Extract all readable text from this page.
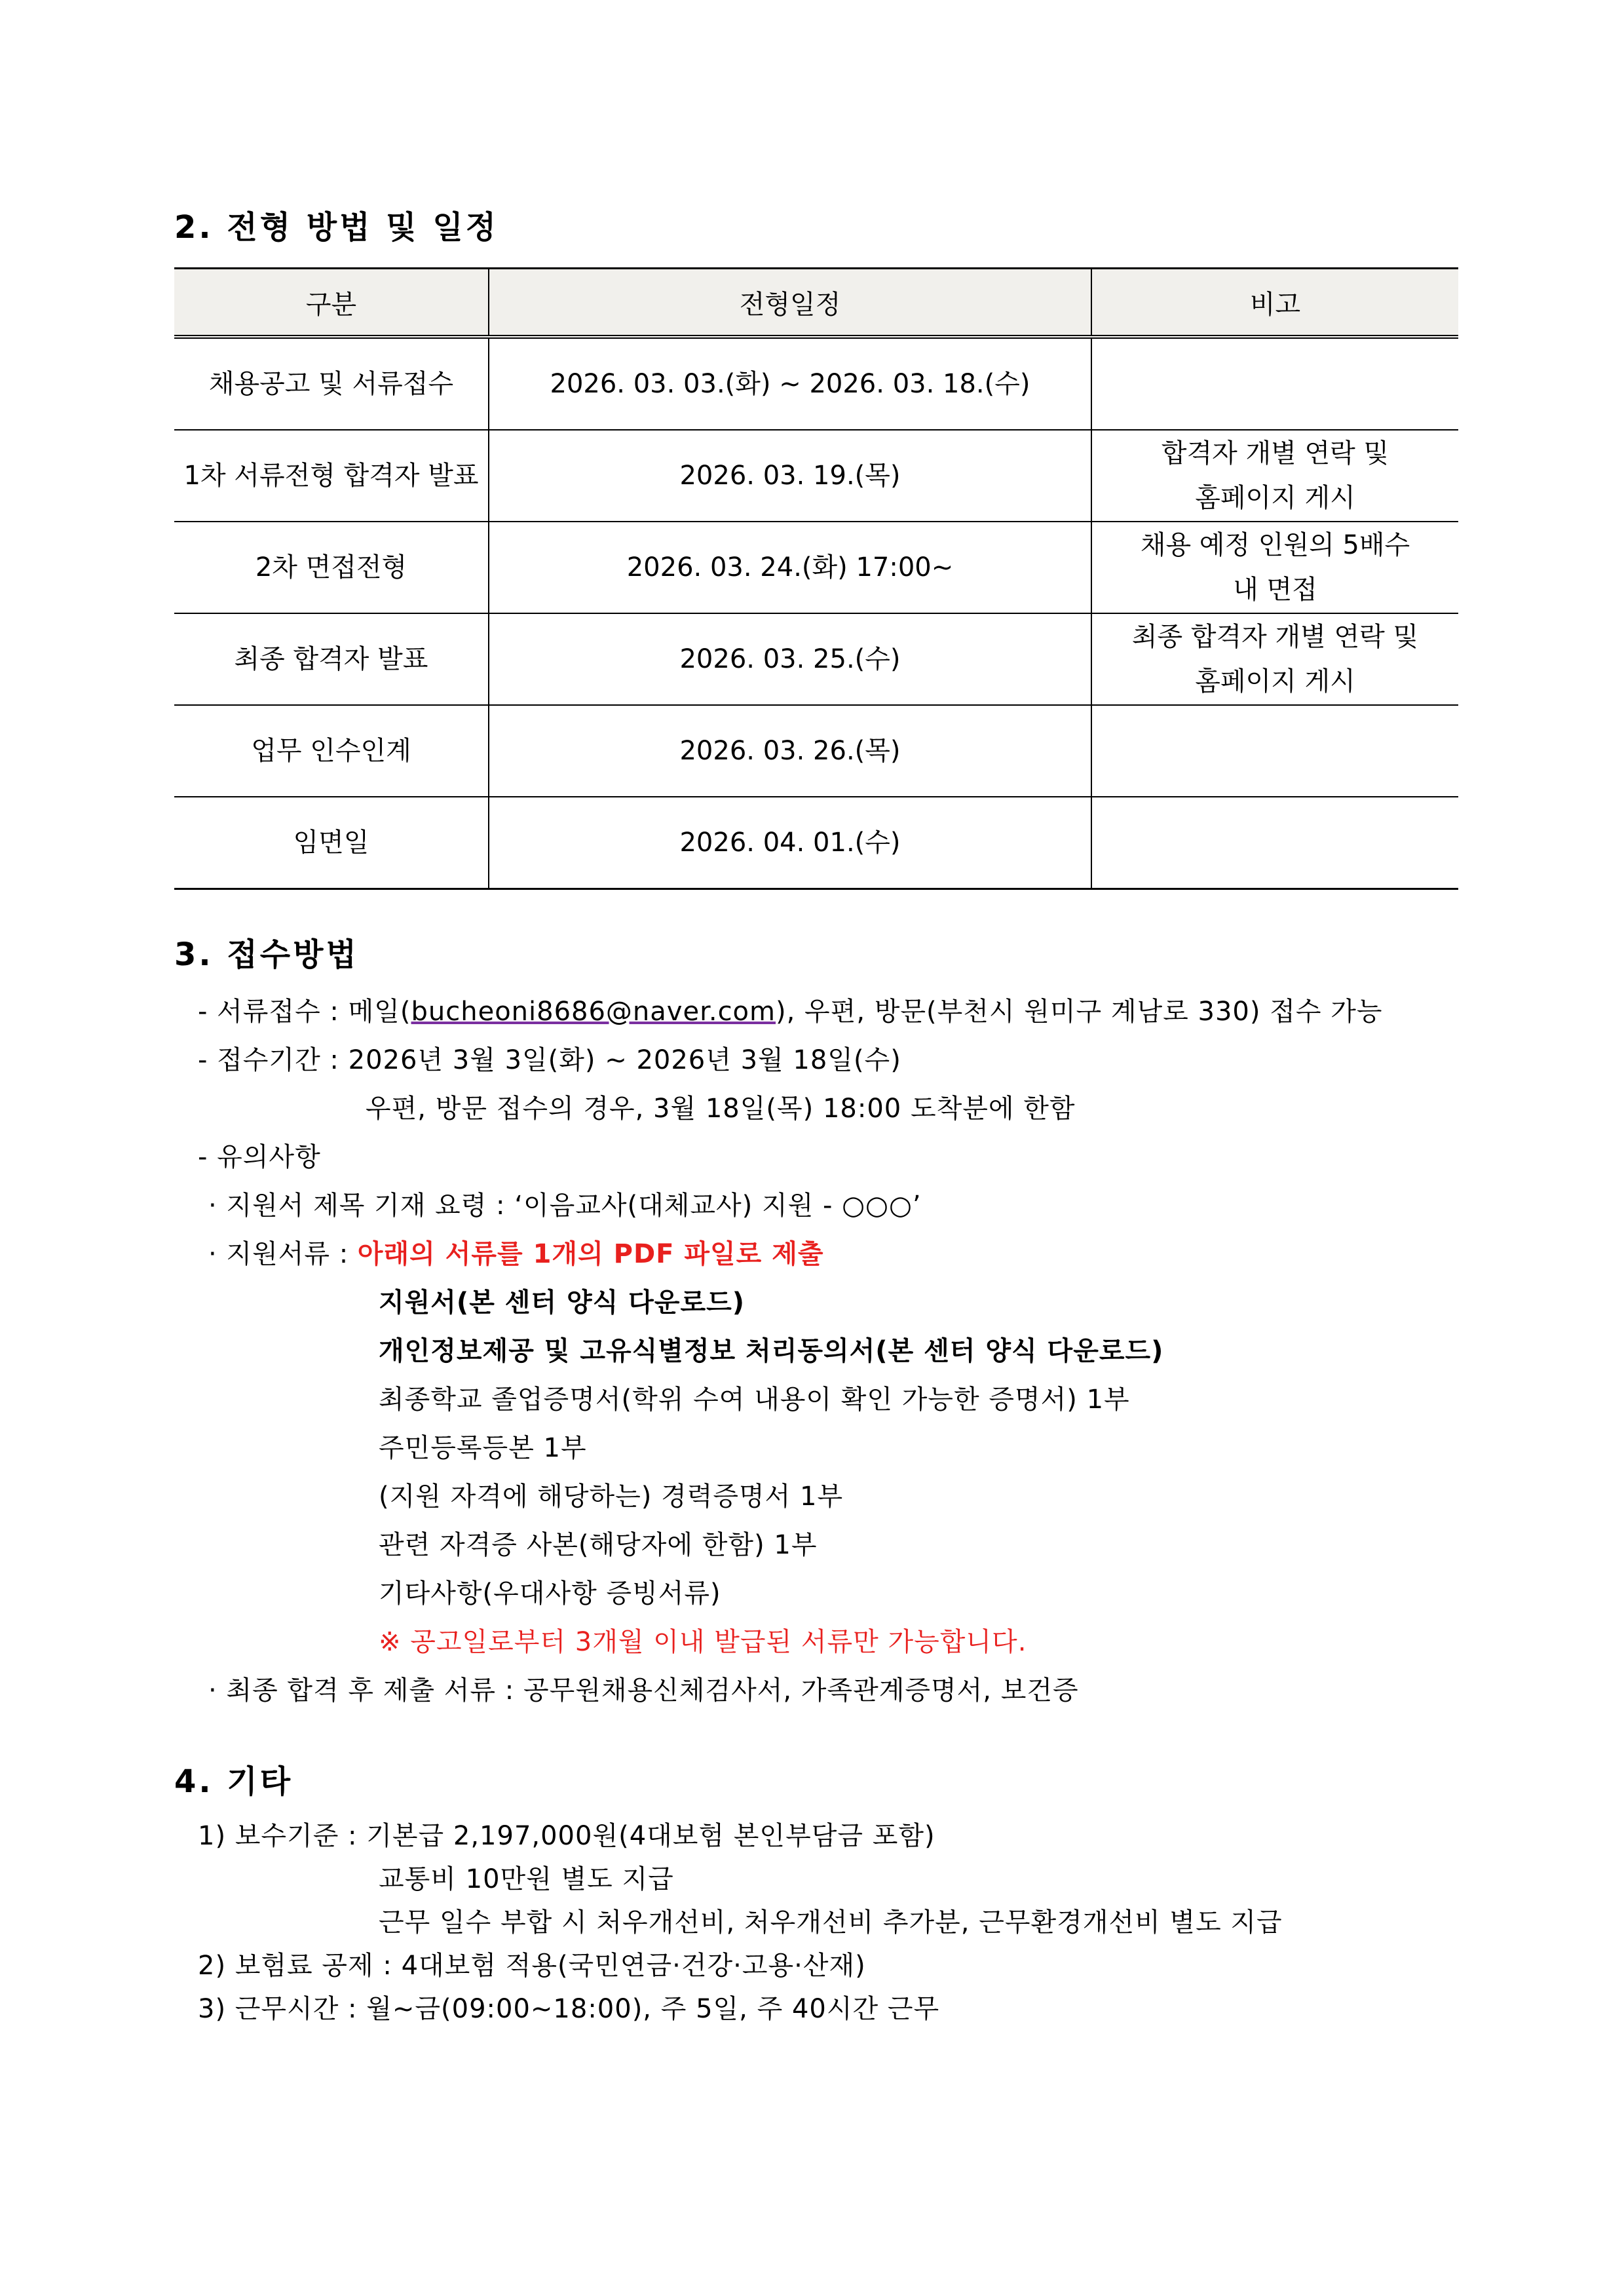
2. 전형 방법 및 일정
구분	전형일정	비고
채용공고 및 서류접수	2026. 03. 03.(화) ~ 2026. 03. 18.(수)	

1차 서류전형 합격자 발표	2026. 03. 19.(목)	합격자 개별 연락 및
홈페이지 게시

2차 면접전형	2026. 03. 24.(화) 17:00~	채용 예정 인원의 5배수
내 면접

최종 합격자 발표	2026. 03. 25.(수)	최종 합격자 개별 연락 및
홈페이지 게시

업무 인수인계	2026. 03. 26.(목)	

임면일	2026. 04. 01.(수)	
3. 접수방법
- 서류접수 : 메일(bucheoni8686@naver.com), 우편, 방문(부천시 원미구 계남로 330) 접수 가능
- 접수기간 : 2026년 3월 3일(화) ~ 2026년 3월 18일(수)
우편, 방문 접수의 경우, 3월 18일(목) 18:00 도착분에 한함
- 유의사항
· 지원서 제목 기재 요령 : ‘이음교사(대체교사) 지원 - ○○○’
· 지원서류 : 아래의 서류를 1개의 PDF 파일로 제출
지원서(본 센터 양식 다운로드)
개인정보제공 및 고유식별정보 처리동의서(본 센터 양식 다운로드)
최종학교 졸업증명서(학위 수여 내용이 확인 가능한 증명서) 1부
주민등록등본 1부
(지원 자격에 해당하는) 경력증명서 1부
관련 자격증 사본(해당자에 한함) 1부
기타사항(우대사항 증빙서류)
※ 공고일로부터 3개월 이내 발급된 서류만 가능합니다.
· 최종 합격 후 제출 서류 : 공무원채용신체검사서, 가족관계증명서, 보건증
4. 기타
1) 보수기준 : 기본급 2,197,000원(4대보험 본인부담금 포함)
교통비 10만원 별도 지급
근무 일수 부합 시 처우개선비, 처우개선비 추가분, 근무환경개선비 별도 지급
2) 보험료 공제 : 4대보험 적용(국민연금·건강·고용·산재)
3) 근무시간 : 월~금(09:00~18:00), 주 5일, 주 40시간 근무
